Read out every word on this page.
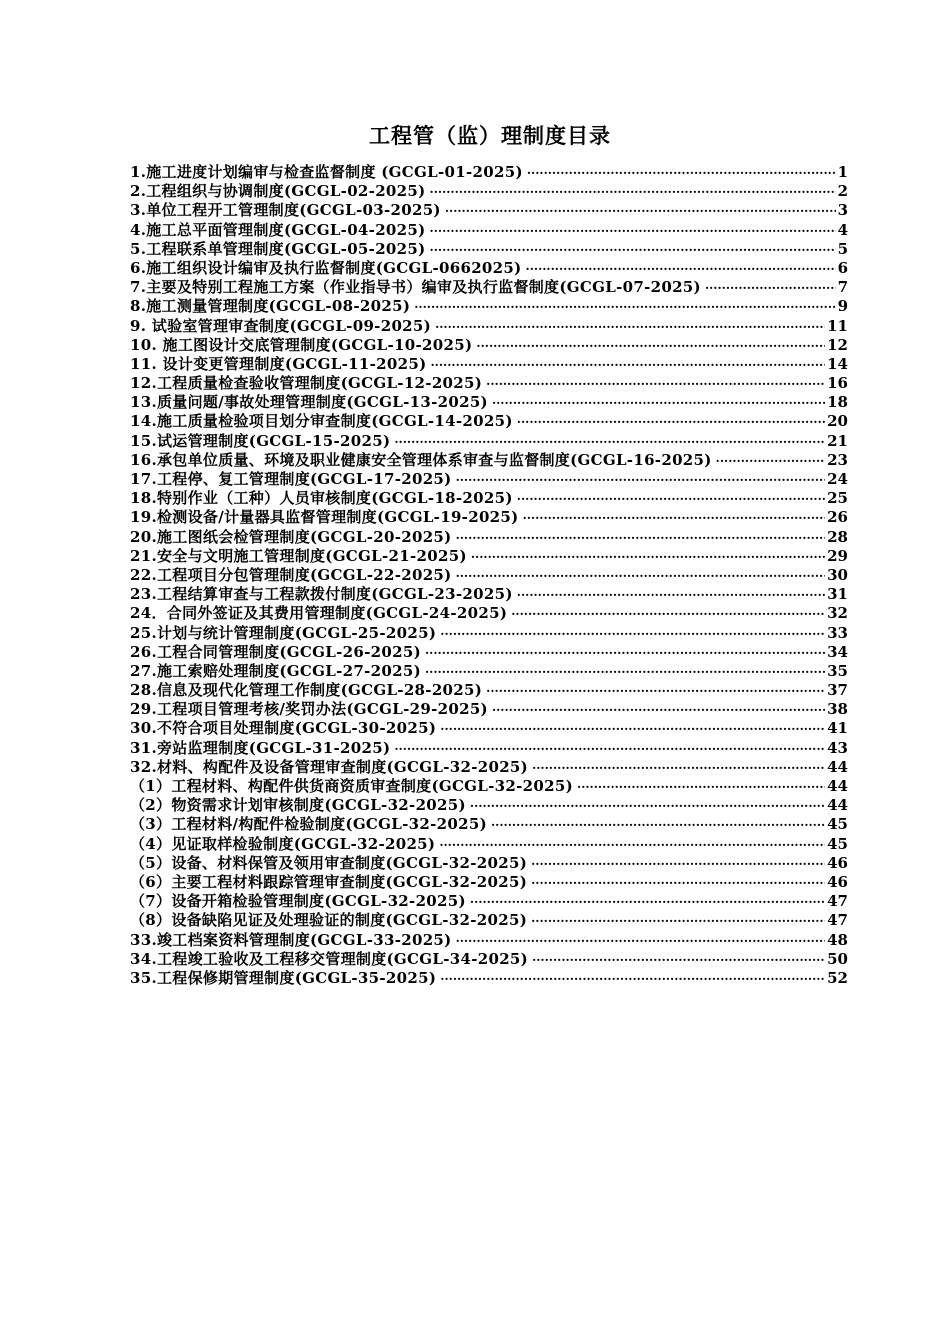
工程管（监）理制度目录
1.施工进度计划编审与检查监督制度 (GCGL-01-2025) ·····	1
2.工程组织与协调制度(GCGL-02-2025) ·····	2
3.单位工程开工管理制度(GCGL-03-2025) ·····	3
4.施工总平面管理制度(GCGL-04-2025) ·····	4
5.工程联系单管理制度(GCGL-05-2025) ·····	5
6.施工组织设计编审及执行监督制度(GCGL-0662025) ·····	6
7.主要及特别工程施工方案（作业指导书）编审及执行监督制度(GCGL-07-2025) ·····	7
8.施工测量管理制度(GCGL-08-2025) ·····	9
9. 试验室管理审查制度(GCGL-09-2025) ·····	11
10. 施工图设计交底管理制度(GCGL-10-2025) ·····	12
11. 设计变更管理制度(GCGL-11-2025) ·····	14
12.工程质量检查验收管理制度(GCGL-12-2025) ·····	16
13.质量问题/事故处理管理制度(GCGL-13-2025) ·····	18
14.施工质量检验项目划分审查制度(GCGL-14-2025) ·····	20
15.试运管理制度(GCGL-15-2025) ·····	21
16.承包单位质量、环境及职业健康安全管理体系审查与监督制度(GCGL-16-2025) ·····	23
17.工程停、复工管理制度(GCGL-17-2025) ·····	24
18.特别作业（工种）人员审核制度(GCGL-18-2025) ·····	25
19.检测设备/计量器具监督管理制度(GCGL-19-2025) ·····	26
20.施工图纸会检管理制度(GCGL-20-2025) ·····	28
21.安全与文明施工管理制度(GCGL-21-2025) ·····	29
22.工程项目分包管理制度(GCGL-22-2025) ·····	30
23.工程结算审查与工程款拨付制度(GCGL-23-2025) ·····	31
24．合同外签证及其费用管理制度(GCGL-24-2025) ·····	32
25.计划与统计管理制度(GCGL-25-2025) ·····	33
26.工程合同管理制度(GCGL-26-2025) ·····	34
27.施工索赔处理制度(GCGL-27-2025) ·····	35
28.信息及现代化管理工作制度(GCGL-28-2025) ·····	37
29.工程项目管理考核/奖罚办法(GCGL-29-2025) ·····	38
30.不符合项目处理制度(GCGL-30-2025) ·····	41
31.旁站监理制度(GCGL-31-2025) ·····	43
32.材料、构配件及设备管理审查制度(GCGL-32-2025) ·····	44
（1）工程材料、构配件供货商资质审查制度(GCGL-32-2025) ·····	44
（2）物资需求计划审核制度(GCGL-32-2025) ·····	44
（3）工程材料/构配件检验制度(GCGL-32-2025) ·····	45
（4）见证取样检验制度(GCGL-32-2025) ·····	45
（5）设备、材料保管及领用审查制度(GCGL-32-2025) ·····	46
（6）主要工程材料跟踪管理审查制度(GCGL-32-2025) ·····	46
（7）设备开箱检验管理制度(GCGL-32-2025) ·····	47
（8）设备缺陷见证及处理验证的制度(GCGL-32-2025) ·····	47
33.竣工档案资料管理制度(GCGL-33-2025) ·····	48
34.工程竣工验收及工程移交管理制度(GCGL-34-2025) ·····	50
35.工程保修期管理制度(GCGL-35-2025) ·····	52
